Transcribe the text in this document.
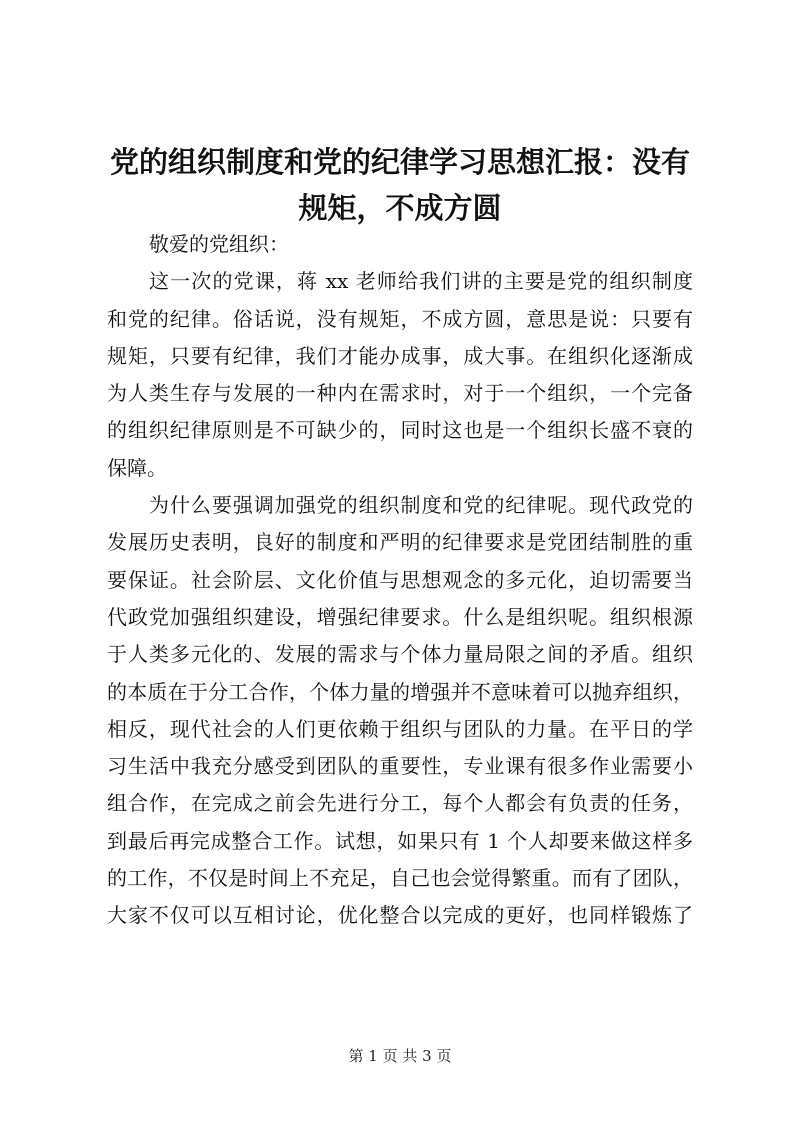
党的组织制度和党的纪律学习思想汇报：没有
规矩，不成方圆
敬爱的党组织：
这一次的党课，蒋 xx 老师给我们讲的主要是党的组织制度
和党的纪律。俗话说，没有规矩，不成方圆，意思是说：只要有
规矩，只要有纪律，我们才能办成事，成大事。在组织化逐渐成
为人类生存与发展的一种内在需求时，对于一个组织，一个完备
的组织纪律原则是不可缺少的，同时这也是一个组织长盛不衰的
保障。
为什么要强调加强党的组织制度和党的纪律呢。现代政党的
发展历史表明，良好的制度和严明的纪律要求是党团结制胜的重
要保证。社会阶层、文化价值与思想观念的多元化，迫切需要当
代政党加强组织建设，增强纪律要求。什么是组织呢。组织根源
于人类多元化的、发展的需求与个体力量局限之间的矛盾。组织
的本质在于分工合作，个体力量的增强并不意味着可以抛弃组织，
相反，现代社会的人们更依赖于组织与团队的力量。在平日的学
习生活中我充分感受到团队的重要性，专业课有很多作业需要小
组合作，在完成之前会先进行分工，每个人都会有负责的任务，
到最后再完成整合工作。试想，如果只有 1 个人却要来做这样多
的工作，不仅是时间上不充足，自己也会觉得繁重。而有了团队，
大家不仅可以互相讨论，优化整合以完成的更好，也同样锻炼了
第 1 页 共 3 页
